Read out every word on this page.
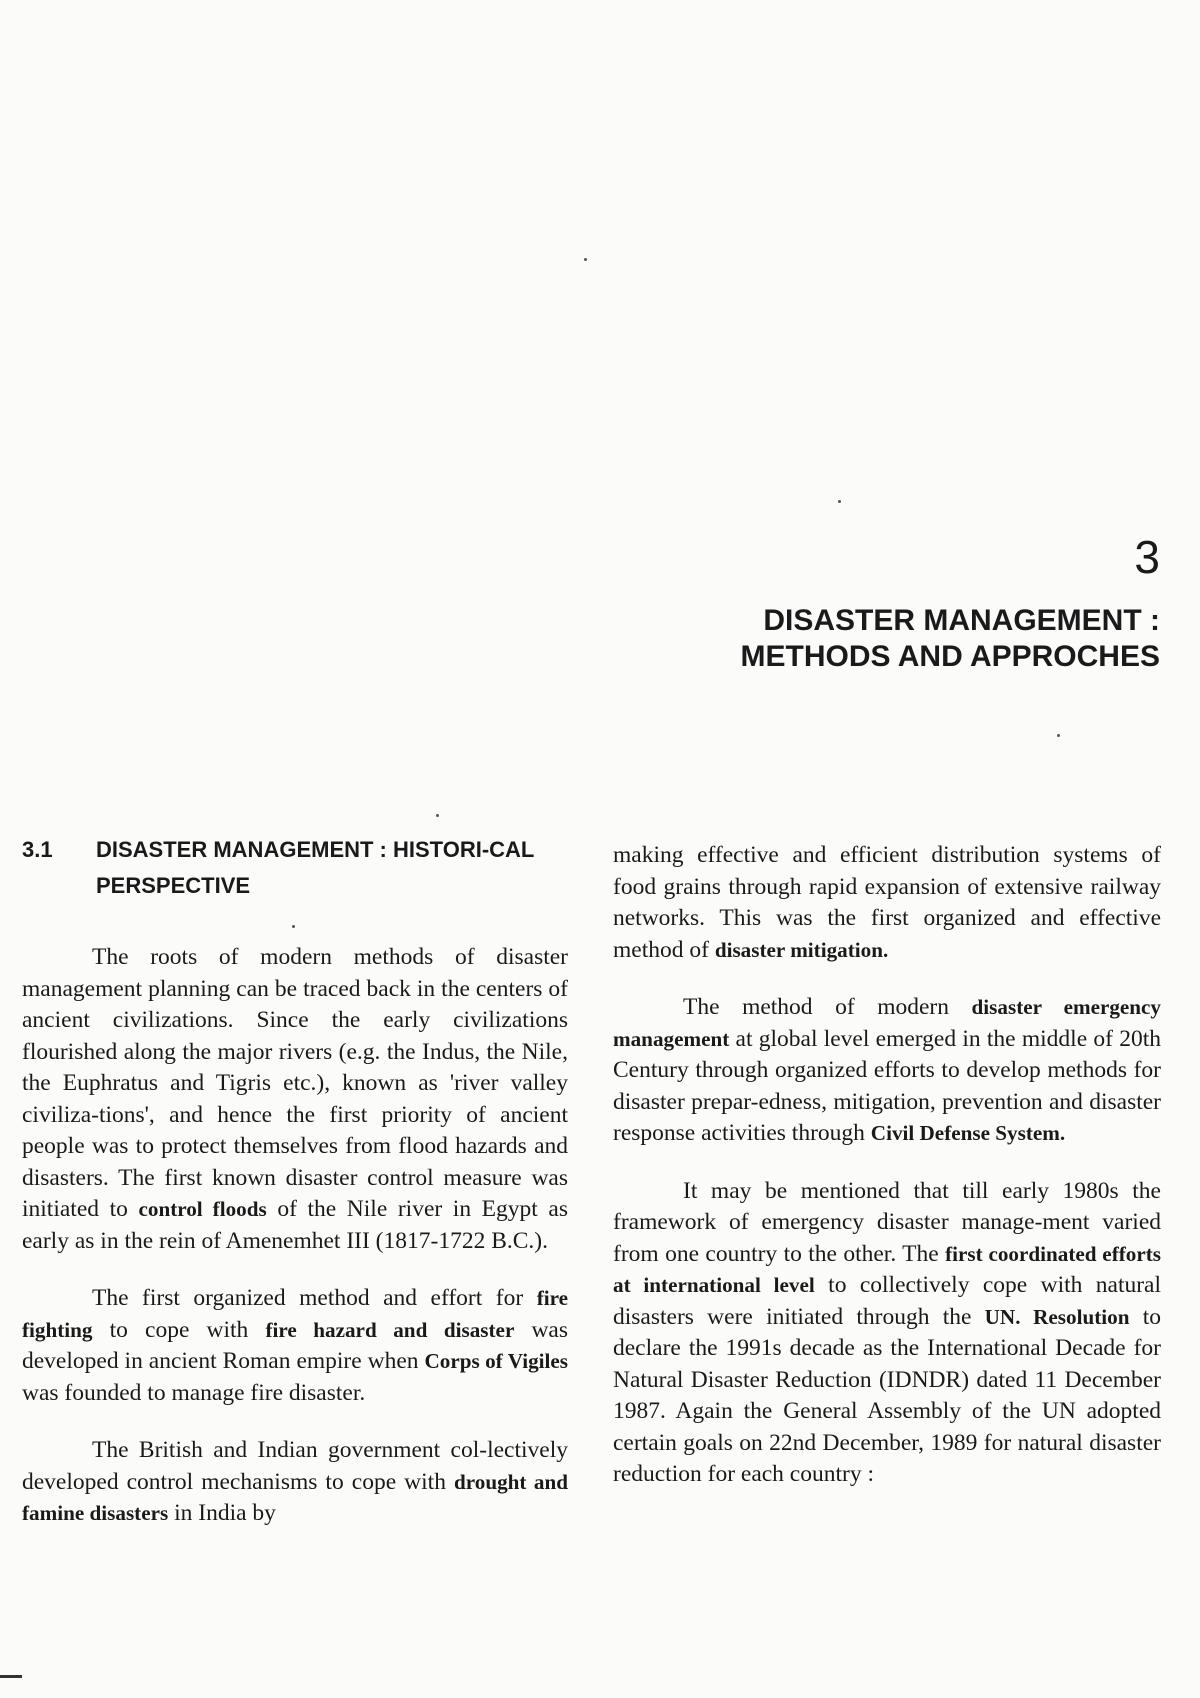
3
DISASTER MANAGEMENT :
METHODS AND APPROCHES
3.1	DISASTER MANAGEMENT : HISTORI-CAL PERSPECTIVE

The roots of modern methods of disaster management planning can be traced back in the centers of ancient civilizations. Since the early civilizations flourished along the major rivers (e.g. the Indus, the Nile, the Euphratus and Tigris etc.), known as 'river valley civiliza-tions', and hence the first priority of ancient people was to protect themselves from flood hazards and disasters. The first known disaster control measure was initiated to control floods of the Nile river in Egypt as early as in the rein of Amenemhet III (1817-1722 B.C.).

The first organized method and effort for fire fighting to cope with fire hazard and disaster was developed in ancient Roman empire when Corps of Vigiles was founded to manage fire disaster.

The British and Indian government col-lectively developed control mechanisms to cope with drought and famine disasters in India by

making effective and efficient distribution systems of food grains through rapid expansion of extensive railway networks. This was the first organized and effective method of disaster mitigation.

The method of modern disaster emergency management at global level emerged in the middle of 20th Century through organized efforts to develop methods for disaster prepar-edness, mitigation, prevention and disaster response activities through Civil Defense System.

It may be mentioned that till early 1980s the framework of emergency disaster manage-ment varied from one country to the other. The first coordinated efforts at international level to collectively cope with natural disasters were initiated through the UN. Resolution to declare the 1991s decade as the International Decade for Natural Disaster Reduction (IDNDR) dated 11 December 1987. Again the General Assembly of the UN adopted certain goals on 22nd December, 1989 for natural disaster reduction for each country :
